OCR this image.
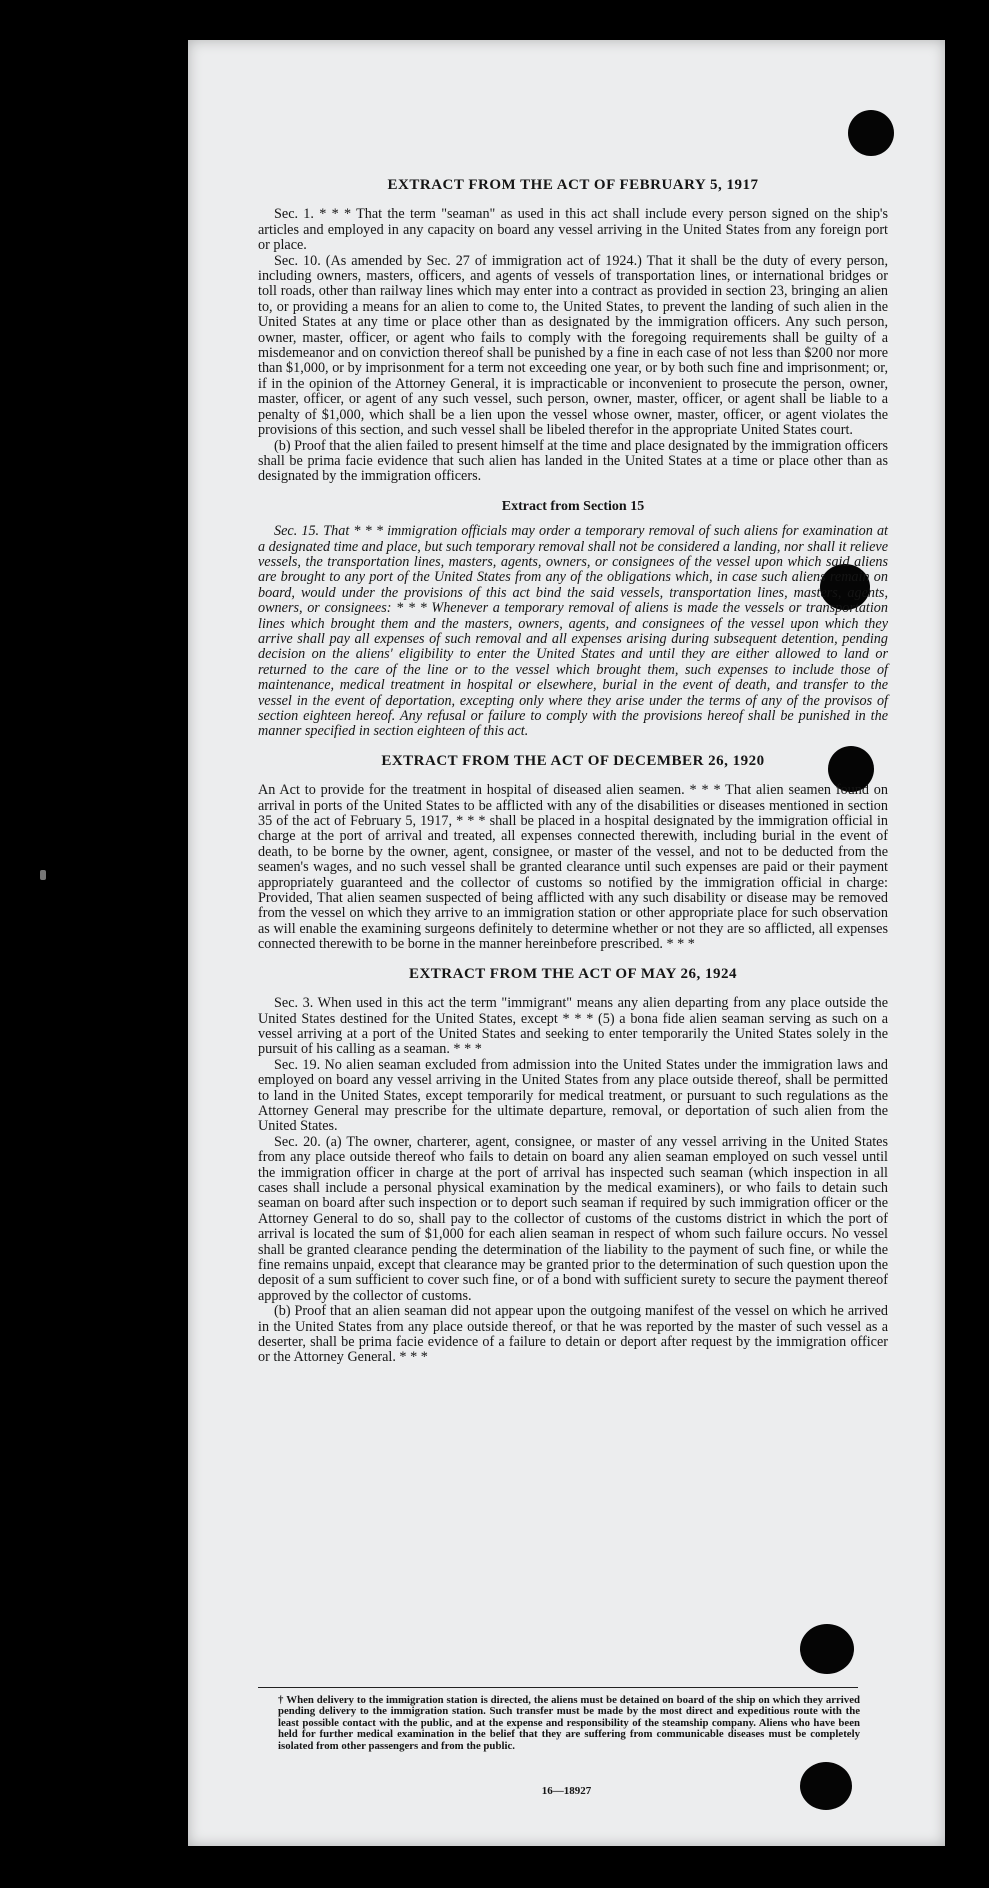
EXTRACT FROM THE ACT OF FEBRUARY 5, 1917

Sec. 1. * * * That the term "seaman" as used in this act shall include every person signed on the ship's articles and employed in any capacity on board any vessel arriving in the United States from any foreign port or place.

Sec. 10. (As amended by Sec. 27 of immigration act of 1924.) That it shall be the duty of every person, including owners, masters, officers, and agents of vessels of transportation lines, or international bridges or toll roads, other than railway lines which may enter into a contract as provided in section 23, bringing an alien to, or providing a means for an alien to come to, the United States, to prevent the landing of such alien in the United States at any time or place other than as designated by the immigration officers. Any such person, owner, master, officer, or agent who fails to comply with the foregoing requirements shall be guilty of a misdemeanor and on conviction thereof shall be punished by a fine in each case of not less than $200 nor more than $1,000, or by imprisonment for a term not exceeding one year, or by both such fine and imprisonment; or, if in the opinion of the Attorney General, it is impracticable or inconvenient to prosecute the person, owner, master, officer, or agent of any such vessel, such person, owner, master, officer, or agent shall be liable to a penalty of $1,000, which shall be a lien upon the vessel whose owner, master, officer, or agent violates the provisions of this section, and such vessel shall be libeled therefor in the appropriate United States court.

(b) Proof that the alien failed to present himself at the time and place designated by the immigration officers shall be prima facie evidence that such alien has landed in the United States at a time or place other than as designated by the immigration officers.

Extract from Section 15

Sec. 15. That * * * immigration officials may order a temporary removal of such aliens for examination at a designated time and place, but such temporary removal shall not be considered a landing, nor shall it relieve vessels, the transportation lines, masters, agents, owners, or consignees of the vessel upon which said aliens are brought to any port of the United States from any of the obligations which, in case such aliens remain on board, would under the provisions of this act bind the said vessels, transportation lines, masters, agents, owners, or consignees: * * * Whenever a temporary removal of aliens is made the vessels or transportation lines which brought them and the masters, owners, agents, and consignees of the vessel upon which they arrive shall pay all expenses of such removal and all expenses arising during subsequent detention, pending decision on the aliens' eligibility to enter the United States and until they are either allowed to land or returned to the care of the line or to the vessel which brought them, such expenses to include those of maintenance, medical treatment in hospital or elsewhere, burial in the event of death, and transfer to the vessel in the event of deportation, excepting only where they arise under the terms of any of the provisos of section eighteen hereof. Any refusal or failure to comply with the provisions hereof shall be punished in the manner specified in section eighteen of this act.

EXTRACT FROM THE ACT OF DECEMBER 26, 1920

An Act to provide for the treatment in hospital of diseased alien seamen. * * * That alien seamen found on arrival in ports of the United States to be afflicted with any of the disabilities or diseases mentioned in section 35 of the act of February 5, 1917, * * * shall be placed in a hospital designated by the immigration official in charge at the port of arrival and treated, all expenses connected therewith, including burial in the event of death, to be borne by the owner, agent, consignee, or master of the vessel, and not to be deducted from the seamen's wages, and no such vessel shall be granted clearance until such expenses are paid or their payment appropriately guaranteed and the collector of customs so notified by the immigration official in charge: Provided, That alien seamen suspected of being afflicted with any such disability or disease may be removed from the vessel on which they arrive to an immigration station or other appropriate place for such observation as will enable the examining surgeons definitely to determine whether or not they are so afflicted, all expenses connected therewith to be borne in the manner hereinbefore prescribed. * * *

EXTRACT FROM THE ACT OF MAY 26, 1924

Sec. 3. When used in this act the term "immigrant" means any alien departing from any place outside the United States destined for the United States, except * * * (5) a bona fide alien seaman serving as such on a vessel arriving at a port of the United States and seeking to enter temporarily the United States solely in the pursuit of his calling as a seaman. * * *

Sec. 19. No alien seaman excluded from admission into the United States under the immigration laws and employed on board any vessel arriving in the United States from any place outside thereof, shall be permitted to land in the United States, except temporarily for medical treatment, or pursuant to such regulations as the Attorney General may prescribe for the ultimate departure, removal, or deportation of such alien from the United States.

Sec. 20. (a) The owner, charterer, agent, consignee, or master of any vessel arriving in the United States from any place outside thereof who fails to detain on board any alien seaman employed on such vessel until the immigration officer in charge at the port of arrival has inspected such seaman (which inspection in all cases shall include a personal physical examination by the medical examiners), or who fails to detain such seaman on board after such inspection or to deport such seaman if required by such immigration officer or the Attorney General to do so, shall pay to the collector of customs of the customs district in which the port of arrival is located the sum of $1,000 for each alien seaman in respect of whom such failure occurs. No vessel shall be granted clearance pending the determination of the liability to the payment of such fine, or while the fine remains unpaid, except that clearance may be granted prior to the determination of such question upon the deposit of a sum sufficient to cover such fine, or of a bond with sufficient surety to secure the payment thereof approved by the collector of customs.

(b) Proof that an alien seaman did not appear upon the outgoing manifest of the vessel on which he arrived in the United States from any place outside thereof, or that he was reported by the master of such vessel as a deserter, shall be prima facie evidence of a failure to detain or deport after request by the immigration officer or the Attorney General. * * *

† When delivery to the immigration station is directed, the aliens must be detained on board of the ship on which they arrived pending delivery to the immigration station. Such transfer must be made by the most direct and expeditious route with the least possible contact with the public, and at the expense and responsibility of the steamship company. Aliens who have been held for further medical examination in the belief that they are suffering from communicable diseases must be completely isolated from other passengers and from the public.
16—18927
